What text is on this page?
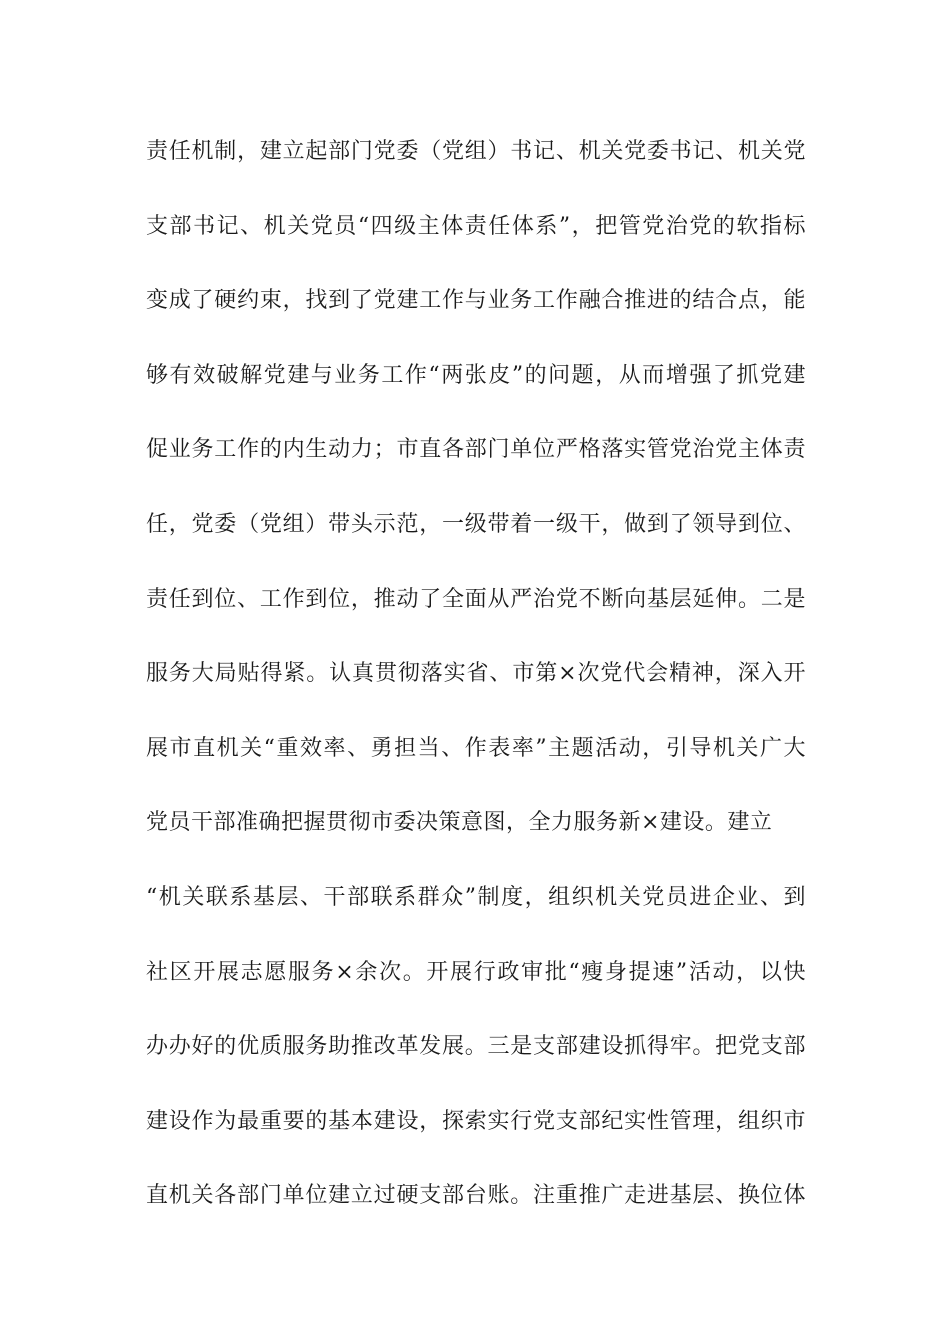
责任机制，建立起部门党委（党组）书记、机关党委书记、机关党
支部书记、机关党员“四级主体责任体系”，把管党治党的软指标
变成了硬约束，找到了党建工作与业务工作融合推进的结合点，能
够有效破解党建与业务工作“两张皮”的问题，从而增强了抓党建
促业务工作的内生动力；市直各部门单位严格落实管党治党主体责
任，党委（党组）带头示范，一级带着一级干，做到了领导到位、
责任到位、工作到位，推动了全面从严治党不断向基层延伸。二是
服务大局贴得紧。认真贯彻落实省、市第×次党代会精神，深入开
展市直机关“重效率、勇担当、作表率”主题活动，引导机关广大
党员干部准确把握贯彻市委决策意图，全力服务新×建设。建立
“机关联系基层、干部联系群众”制度，组织机关党员进企业、到
社区开展志愿服务×余次。开展行政审批“瘦身提速”活动，以快
办办好的优质服务助推改革发展。三是支部建设抓得牢。把党支部
建设作为最重要的基本建设，探索实行党支部纪实性管理，组织市
直机关各部门单位建立过硬支部台账。注重推广走进基层、换位体
